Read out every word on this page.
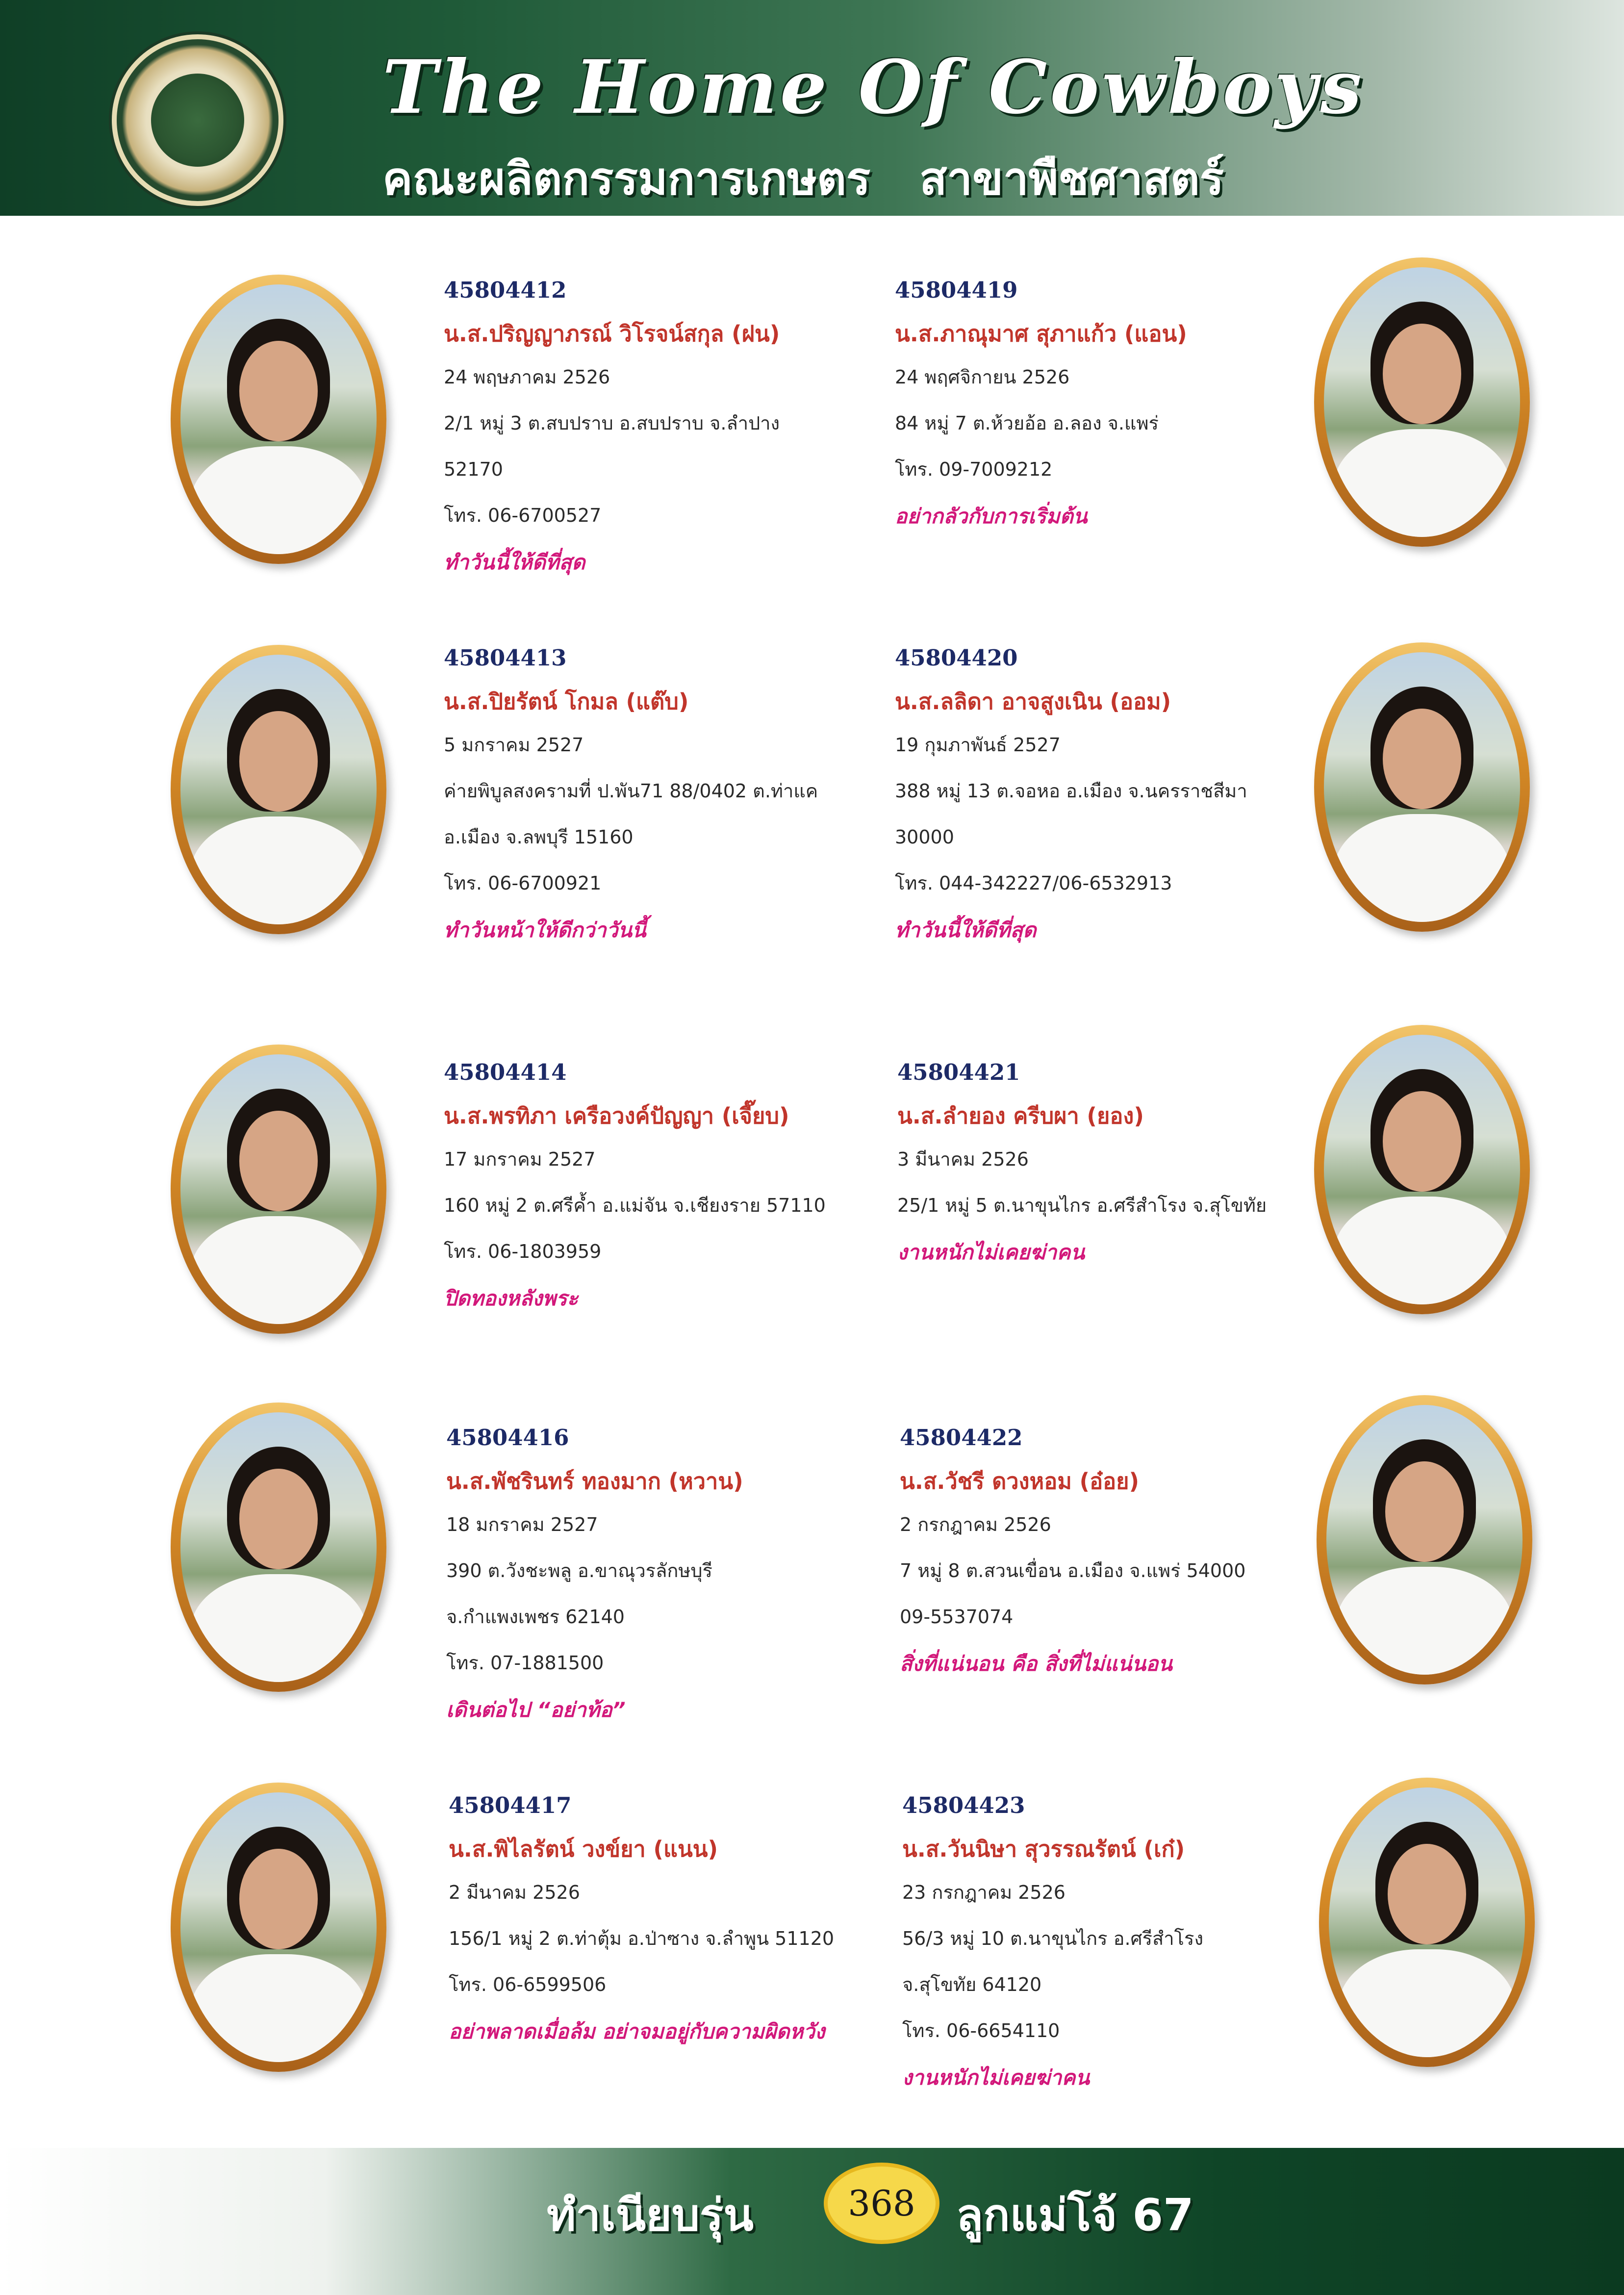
The Home Of Cowboys
คณะผลิตกรรมการเกษตร สาขาพืชศาสตร์
45804412
น.ส.ปริญญาภรณ์ วิโรจน์สกุล (ฝน)
24 พฤษภาคม 2526
2/1 หมู่ 3 ต.สบปราบ อ.สบปราบ จ.ลำปาง
52170
โทร. 06-6700527
ทำวันนี้ให้ดีที่สุด
45804419
น.ส.ภาณุมาศ สุภาแก้ว (แอน)
24 พฤศจิกายน 2526
84 หมู่ 7 ต.ห้วยอ้อ อ.ลอง จ.แพร่
โทร. 09-7009212
อย่ากลัวกับการเริ่มต้น
45804413
น.ส.ปิยรัตน์ โกมล (แต๊บ)
5 มกราคม 2527
ค่ายพิบูลสงครามที่ ป.พัน71 88/0402 ต.ท่าแค
อ.เมือง จ.ลพบุรี 15160
โทร. 06-6700921
ทำวันหน้าให้ดีกว่าวันนี้
45804420
น.ส.ลลิดา อาจสูงเนิน (ออม)
19 กุมภาพันธ์ 2527
388 หมู่ 13 ต.จอหอ อ.เมือง จ.นครราชสีมา
30000
โทร. 044-342227/06-6532913
ทำวันนี้ให้ดีที่สุด
45804414
น.ส.พรทิภา เครือวงค์ปัญญา (เจี๊ยบ)
17 มกราคม 2527
160 หมู่ 2 ต.ศรีค้ำ อ.แม่จัน จ.เชียงราย 57110
โทร. 06-1803959
ปิดทองหลังพระ
45804421
น.ส.ลำยอง ครีบผา (ยอง)
3 มีนาคม 2526
25/1 หมู่ 5 ต.นาขุนไกร อ.ศรีสำโรง จ.สุโขทัย
งานหนักไม่เคยฆ่าคน
45804416
น.ส.พัชรินทร์ ทองมาก (หวาน)
18 มกราคม 2527
390 ต.วังชะพลู อ.ขาณุวรลักษบุรี
จ.กำแพงเพชร 62140
โทร. 07-1881500
เดินต่อไป “อย่าท้อ”
45804422
น.ส.วัชรี ดวงหอม (อ๋อย)
2 กรกฎาคม 2526
7 หมู่ 8 ต.สวนเขื่อน อ.เมือง จ.แพร่ 54000
09-5537074
สิ่งที่แน่นอน คือ สิ่งที่ไม่แน่นอน
45804417
น.ส.พิไลรัตน์ วงข์ยา (แนน)
2 มีนาคม 2526
156/1 หมู่ 2 ต.ท่าตุ้ม อ.ป่าซาง จ.ลำพูน 51120
โทร. 06-6599506
อย่าพลาดเมื่อล้ม อย่าจมอยู่กับความผิดหวัง
45804423
น.ส.วันนิษา สุวรรณรัตน์ (เก๋)
23 กรกฎาคม 2526
56/3 หมู่ 10 ต.นาขุนไกร อ.ศรีสำโรง
จ.สุโขทัย 64120
โทร. 06-6654110
งานหนักไม่เคยฆ่าคน
ทำเนียบรุ่น	368 ลูกแม่โจ้ 67
